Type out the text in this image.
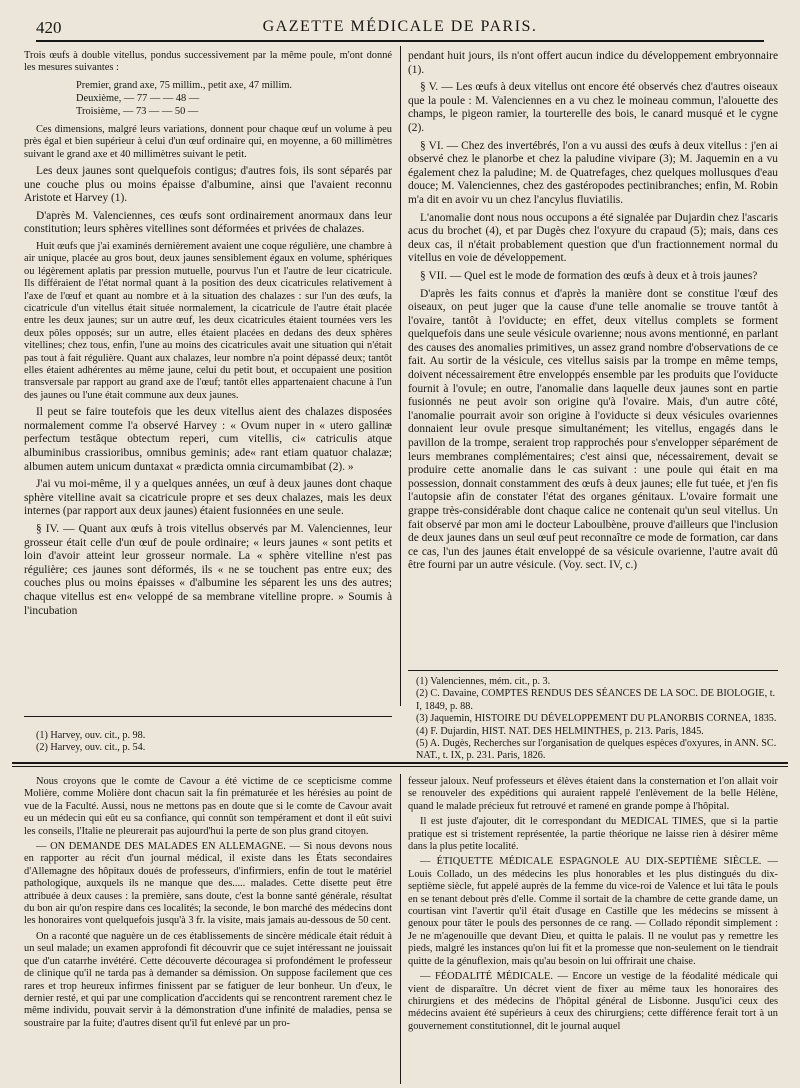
420	GAZETTE MÉDICALE DE PARIS.

Trois œufs à double vitellus, pondus successivement par la même poule, m'ont donné les mesures suivantes :

Premier, grand axe, 75 millim., petit axe, 47 millim.
Deuxième, — 77 — — 48 —
Troisième, — 73 — — 50 —

Ces dimensions, malgré leurs variations, donnent pour chaque œuf un volume à peu près égal et bien supérieur à celui d'un œuf ordinaire qui, en moyenne, a 60 millimètres suivant le grand axe et 40 millimètres suivant le petit.

Les deux jaunes sont quelquefois contigus; d'autres fois, ils sont séparés par une couche plus ou moins épaisse d'albumine, ainsi que l'avaient reconnu Aristote et Harvey (1).

D'après M. Valenciennes, ces œufs sont ordinairement anormaux dans leur constitution; leurs sphères vitellines sont déformées et privées de chalazes.

Huit œufs que j'ai examinés dernièrement avaient une coque régulière, une chambre à air unique, placée au gros bout, deux jaunes sensiblement égaux en volume, sphériques ou légèrement aplatis par pression mutuelle, pourvus l'un et l'autre de leur cicatricule. Ils différaient de l'état normal quant à la position des deux cicatricules relativement à l'axe de l'œuf et quant au nombre et à la situation des chalazes : sur l'un des œufs, la cicatricule d'un vitellus était située normalement, la cicatricule de l'autre était placée entre les deux jaunes; sur un autre œuf, les deux cicatricules étaient tournées vers les deux pôles opposés; sur un autre, elles étaient placées en dedans des deux sphères vitellines; chez tous, enfin, l'une au moins des cicatricules avait une situation qui n'était pas tout à fait régulière. Quant aux chalazes, leur nombre n'a point dépassé deux; tantôt elles étaient adhérentes au même jaune, celui du petit bout, et occupaient une position transversale par rapport au grand axe de l'œuf; tantôt elles appartenaient chacune à l'un des jaunes ou l'une était commune aux deux jaunes.

Il peut se faire toutefois que les deux vitellus aient des chalazes disposées normalement comme l'a observé Harvey : « Ovum nuper in « utero gallinæ perfectum testâque obtectum reperi, cum vitellis, ci« catriculis atque albuminibus crassioribus, omnibus geminis; ade« rant etiam quatuor chalazæ; albumen autem unicum duntaxat « prædicta omnia circumambibat (2). »

J'ai vu moi-même, il y a quelques années, un œuf à deux jaunes dont chaque sphère vitelline avait sa cicatricule propre et ses deux chalazes, mais les deux internes (par rapport aux deux jaunes) étaient fusionnées en une seule.

§ IV. — Quant aux œufs à trois vitellus observés par M. Valenciennes, leur grosseur était celle d'un œuf de poule ordinaire; « leurs jaunes « sont petits et loin d'avoir atteint leur grosseur normale. La « sphère vitelline n'est pas régulière; ces jaunes sont déformés, ils « ne se touchent pas entre eux; des couches plus ou moins épaisses « d'albumine les séparent les uns des autres; chaque vitellus est en« veloppé de sa membrane vitelline propre. » Soumis à l'incubation

(1) Harvey, ouv. cit., p. 98.
(2) Harvey, ouv. cit., p. 54.

pendant huit jours, ils n'ont offert aucun indice du développement embryonnaire (1).

§ V. — Les œufs à deux vitellus ont encore été observés chez d'autres oiseaux que la poule : M. Valenciennes en a vu chez le moineau commun, l'alouette des champs, le pigeon ramier, la tourterelle des bois, le canard musqué et le cygne (2).

§ VI. — Chez des invertébrés, l'on a vu aussi des œufs à deux vitellus : j'en ai observé chez le planorbe et chez la paludine vivipare (3); M. Jaquemin en a vu également chez la paludine; M. de Quatrefages, chez quelques mollusques d'eau douce; M. Valenciennes, chez des gastéropodes pectinibranches; enfin, M. Robin m'a dit en avoir vu un chez l'ancylus fluviatilis.

L'anomalie dont nous nous occupons a été signalée par Dujardin chez l'ascaris acus du brochet (4), et par Dugès chez l'oxyure du crapaud (5); mais, dans ces deux cas, il n'était probablement question que d'un fractionnement normal du vitellus en voie de développement.

§ VII. — Quel est le mode de formation des œufs à deux et à trois jaunes?

D'après les faits connus et d'après la manière dont se constitue l'œuf des oiseaux, on peut juger que la cause d'une telle anomalie se trouve tantôt à l'ovaire, tantôt à l'oviducte; en effet, deux vitellus complets se forment quelquefois dans une seule vésicule ovarienne; nous avons mentionné, en parlant des causes des anomalies primitives, un assez grand nombre d'observations de ce fait. Au sortir de la vésicule, ces vitellus saisis par la trompe en même temps, doivent nécessairement être enveloppés ensemble par les produits que l'oviducte fournit à l'ovule; en outre, l'anomalie dans laquelle deux jaunes sont en partie fusionnés ne peut avoir son origine qu'à l'ovaire. Mais, d'un autre côté, l'anomalie pourrait avoir son origine à l'oviducte si deux vésicules ovariennes donnaient leur ovule presque simultanément; les vitellus, engagés dans le pavillon de la trompe, seraient trop rapprochés pour s'envelopper séparément de leurs membranes complémentaires; c'est ainsi que, nécessairement, devait se produire cette anomalie dans le cas suivant : une poule qui était en ma possession, donnait constamment des œufs à deux jaunes; elle fut tuée, et j'en fis l'autopsie afin de constater l'état des organes génitaux. L'ovaire formait une grappe très-considérable dont chaque calice ne contenait qu'un seul vitellus. Un fait observé par mon ami le docteur Laboulbène, prouve d'ailleurs que l'inclusion de deux jaunes dans un seul œuf peut reconnaître ce mode de formation, car dans ce cas, l'un des jaunes était enveloppé de sa vésicule ovarienne, l'autre avait dû être fourni par un autre vésicule. (Voy. sect. IV, c.)

(1) Valenciennes, mém. cit., p. 3.
(2) C. Davaine, COMPTES RENDUS DES SÉANCES DE LA SOC. DE BIOLOGIE, t. I, 1849, p. 88.
(3) Jaquemin, HISTOIRE DU DÉVELOPPEMENT DU PLANORBIS CORNEA, 1835.
(4) F. Dujardin, HIST. NAT. DES HELMINTHES, p. 213. Paris, 1845.
(5) A. Dugès, Recherches sur l'organisation de quelques espèces d'oxyures, in ANN. SC. NAT., t. IX, p. 231. Paris, 1826.

Nous croyons que le comte de Cavour a été victime de ce scepticisme comme Molière, comme Molière dont chacun sait la fin prématurée et les hérésies au point de vue de la Faculté. Aussi, nous ne mettons pas en doute que si le comte de Cavour avait eu un médecin qui eût eu sa confiance, qui connût son tempérament et dont il eût suivi les conseils, l'Italie ne pleurerait pas aujourd'hui la perte de son plus grand citoyen.

— ON DEMANDE DES MALADES EN ALLEMAGNE. — Si nous devons nous en rapporter au récit d'un journal médical, il existe dans les États secondaires d'Allemagne des hôpitaux doués de professeurs, d'infirmiers, enfin de tout le matériel pathologique, auxquels ils ne manque que des..... malades. Cette disette peut être attribuée à deux causes : la première, sans doute, c'est la bonne santé générale, résultat du bon air qu'on respire dans ces localités; la seconde, le bon marché des médecins dont les honoraires vont quelquefois jusqu'à 3 fr. la visite, mais jamais au-dessous de 50 cent.

On a raconté que naguère un de ces établissements de sincère médicale était réduit à un seul malade; un examen approfondi fit découvrir que ce sujet intéressant ne jouissait que d'un catarrhe invétéré. Cette découverte découragea si profondément le professeur de clinique qu'il ne tarda pas à demander sa démission. On suppose facilement que ces rares et trop heureux infirmes finissent par se fatiguer de leur bonheur. Un d'eux, le dernier resté, et qui par une complication d'accidents qui se rencontrent rarement chez le même individu, pouvait servir à la démonstration d'une infinité de maladies, pensa se soustraire par la fuite; d'autres disent qu'il fut enlevé par un pro-

fesseur jaloux. Neuf professeurs et élèves étaient dans la consternation et l'on allait voir se renouveler des expéditions qui auraient rappelé l'enlèvement de la belle Hélène, quand le malade précieux fut retrouvé et ramené en grande pompe à l'hôpital.

Il est juste d'ajouter, dit le correspondant du MEDICAL TIMES, que si la partie pratique est si tristement représentée, la partie théorique ne laisse rien à désirer même dans la plus petite localité.

— ÉTIQUETTE MÉDICALE ESPAGNOLE AU DIX-SEPTIÈME SIÈCLE. — Louis Collado, un des médecins les plus honorables et les plus distingués du dix-septième siècle, fut appelé auprès de la femme du vice-roi de Valence et lui tâta le pouls en se tenant debout près d'elle. Comme il sortait de la chambre de cette grande dame, un courtisan vint l'avertir qu'il était d'usage en Castille que les médecins se missent à genoux pour tâter le pouls des personnes de ce rang. — Collado répondit simplement : Je ne m'agenouille que devant Dieu, et quitta le palais. Il ne voulut pas y remettre les pieds, malgré les instances qu'on lui fit et la promesse que non-seulement on le tiendrait quitte de la génuflexion, mais qu'au besoin on lui offrirait une chaise.

— FÉODALITÉ MÉDICALE. — Encore un vestige de la féodalité médicale qui vient de disparaître. Un décret vient de fixer au même taux les honoraires des chirurgiens et des médecins de l'hôpital général de Lisbonne. Jusqu'ici ceux des médecins avaient été supérieurs à ceux des chirurgiens; cette différence ferait tort à un gouvernement constitutionnel, dit le journal auquel
